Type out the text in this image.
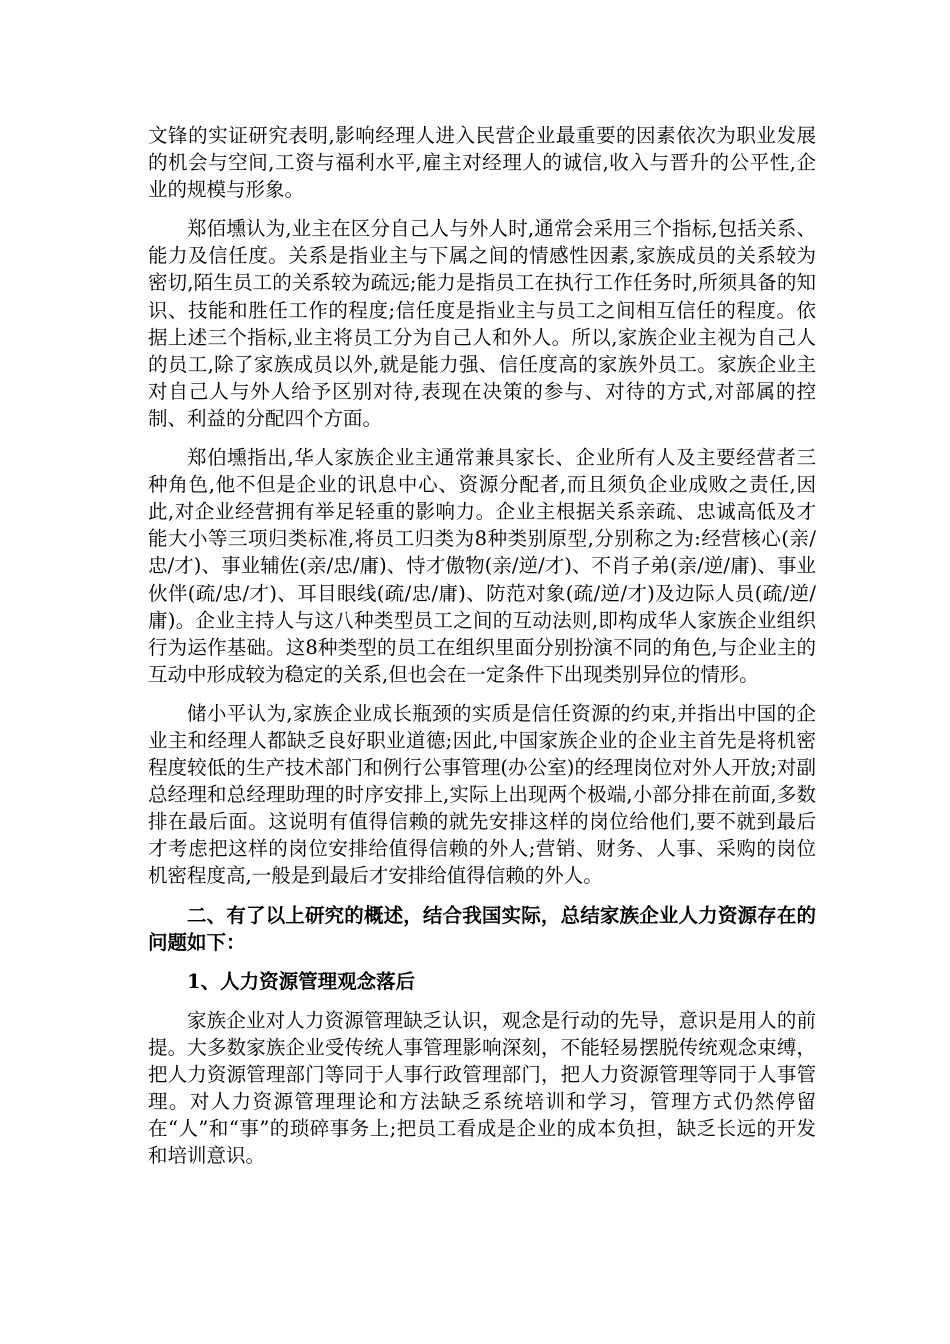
文锋的实证研究表明,影响经理人进入民营企业最重要的因素依次为职业发展的机会与空间,工资与福利水平,雇主对经理人的诚信,收入与晋升的公平性,企业的规模与形象。

郑佰壎认为,业主在区分自己人与外人时,通常会采用三个指标,包括关系、能力及信任度。关系是指业主与下属之间的情感性因素,家族成员的关系较为密切,陌生员工的关系较为疏远;能力是指员工在执行工作任务时,所须具备的知识、技能和胜任工作的程度;信任度是指业主与员工之间相互信任的程度。依据上述三个指标,业主将员工分为自己人和外人。所以,家族企业主视为自己人的员工,除了家族成员以外,就是能力强、信任度高的家族外员工。家族企业主对自己人与外人给予区别对待,表现在决策的参与、对待的方式,对部属的控制、利益的分配四个方面。

郑伯壎指出,华人家族企业主通常兼具家长、企业所有人及主要经营者三种角色,他不但是企业的讯息中心、资源分配者,而且须负企业成败之责任,因此,对企业经营拥有举足轻重的影响力。企业主根据关系亲疏、忠诚高低及才能大小等三项归类标准,将员工归类为8种类别原型,分别称之为:经营核心(亲/忠/才)、事业辅佐(亲/忠/庸)、恃才傲物(亲/逆/才)、不肖子弟(亲/逆/庸)、事业伙伴(疏/忠/才)、耳目眼线(疏/忠/庸)、防范对象(疏/逆/才)及边际人员(疏/逆/庸)。企业主持人与这八种类型员工之间的互动法则,即构成华人家族企业组织行为运作基础。这8种类型的员工在组织里面分别扮演不同的角色,与企业主的互动中形成较为稳定的关系,但也会在一定条件下出现类别异位的情形。

储小平认为,家族企业成长瓶颈的实质是信任资源的约束,并指出中国的企业主和经理人都缺乏良好职业道德;因此,中国家族企业的企业主首先是将机密程度较低的生产技术部门和例行公事管理(办公室)的经理岗位对外人开放;对副总经理和总经理助理的时序安排上,实际上出现两个极端,小部分排在前面,多数排在最后面。这说明有值得信赖的就先安排这样的岗位给他们,要不就到最后才考虑把这样的岗位安排给值得信赖的外人;营销、财务、人事、采购的岗位机密程度高,一般是到最后才安排给值得信赖的外人。

二、有了以上研究的概述，结合我国实际，总结家族企业人力资源存在的问题如下：

1、人力资源管理观念落后

家族企业对人力资源管理缺乏认识，观念是行动的先导，意识是用人的前提。大多数家族企业受传统人事管理影响深刻，不能轻易摆脱传统观念束缚，把人力资源管理部门等同于人事行政管理部门，把人力资源管理等同于人事管理。对人力资源管理理论和方法缺乏系统培训和学习，管理方式仍然停留在“人”和“事”的琐碎事务上;把员工看成是企业的成本负担，缺乏长远的开发和培训意识。
